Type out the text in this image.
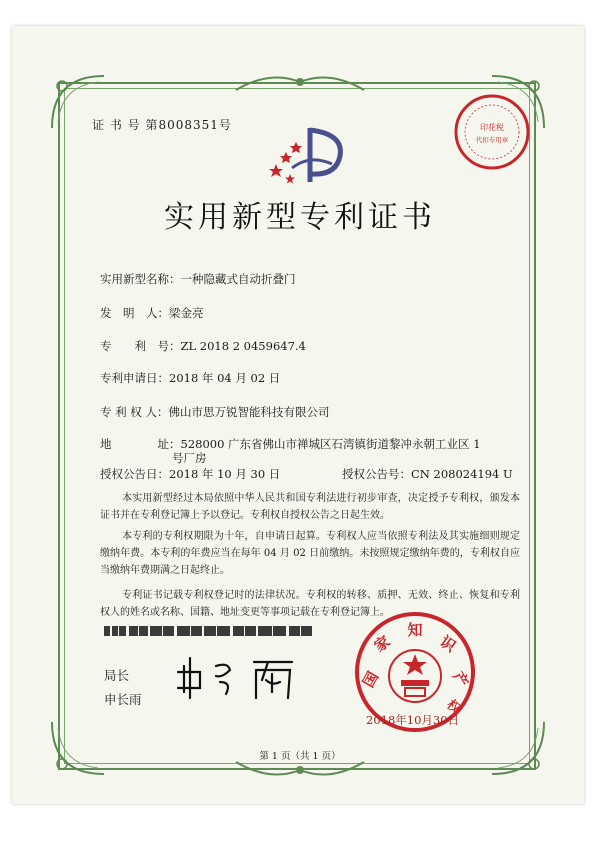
证 书 号 第8008351号	印花税
代扣专用章
实用新型专利证书
实用新型名称：一种隐藏式自动折叠门
发　明　人：梁金亮
专　　利　号：ZL 2018 2 0459647.4
专利申请日：2018 年 04 月 02 日
专 利 权 人：佛山市思万锐智能科技有限公司
地　　　　址：528000 广东省佛山市禅城区石湾镇街道黎冲永朝工业区 1
号厂房
授权公告日：2018 年 10 月 30 日	授权公告号：CN 208024194 U

本实用新型经过本局依照中华人民共和国专利法进行初步审查，决定授予专利权，颁发本证书并在专利登记簿上予以登记。专利权自授权公告之日起生效。

本专利的专利权期限为十年，自申请日起算。专利权人应当依照专利法及其实施细则规定缴纳年费。本专利的年费应当在每年 04 月 02 日前缴纳。未按照规定缴纳年费的，专利权自应当缴纳年费期满之日起终止。

专利证书记载专利权登记时的法律状况。专利权的转移、质押、无效、终止、恢复和专利权人的姓名或名称、国籍、地址变更等事项记载在专利登记簿上。

局长
申长雨
国
家
知
识
产
权
2018年10月30日
第 1 页（共 1 页）
